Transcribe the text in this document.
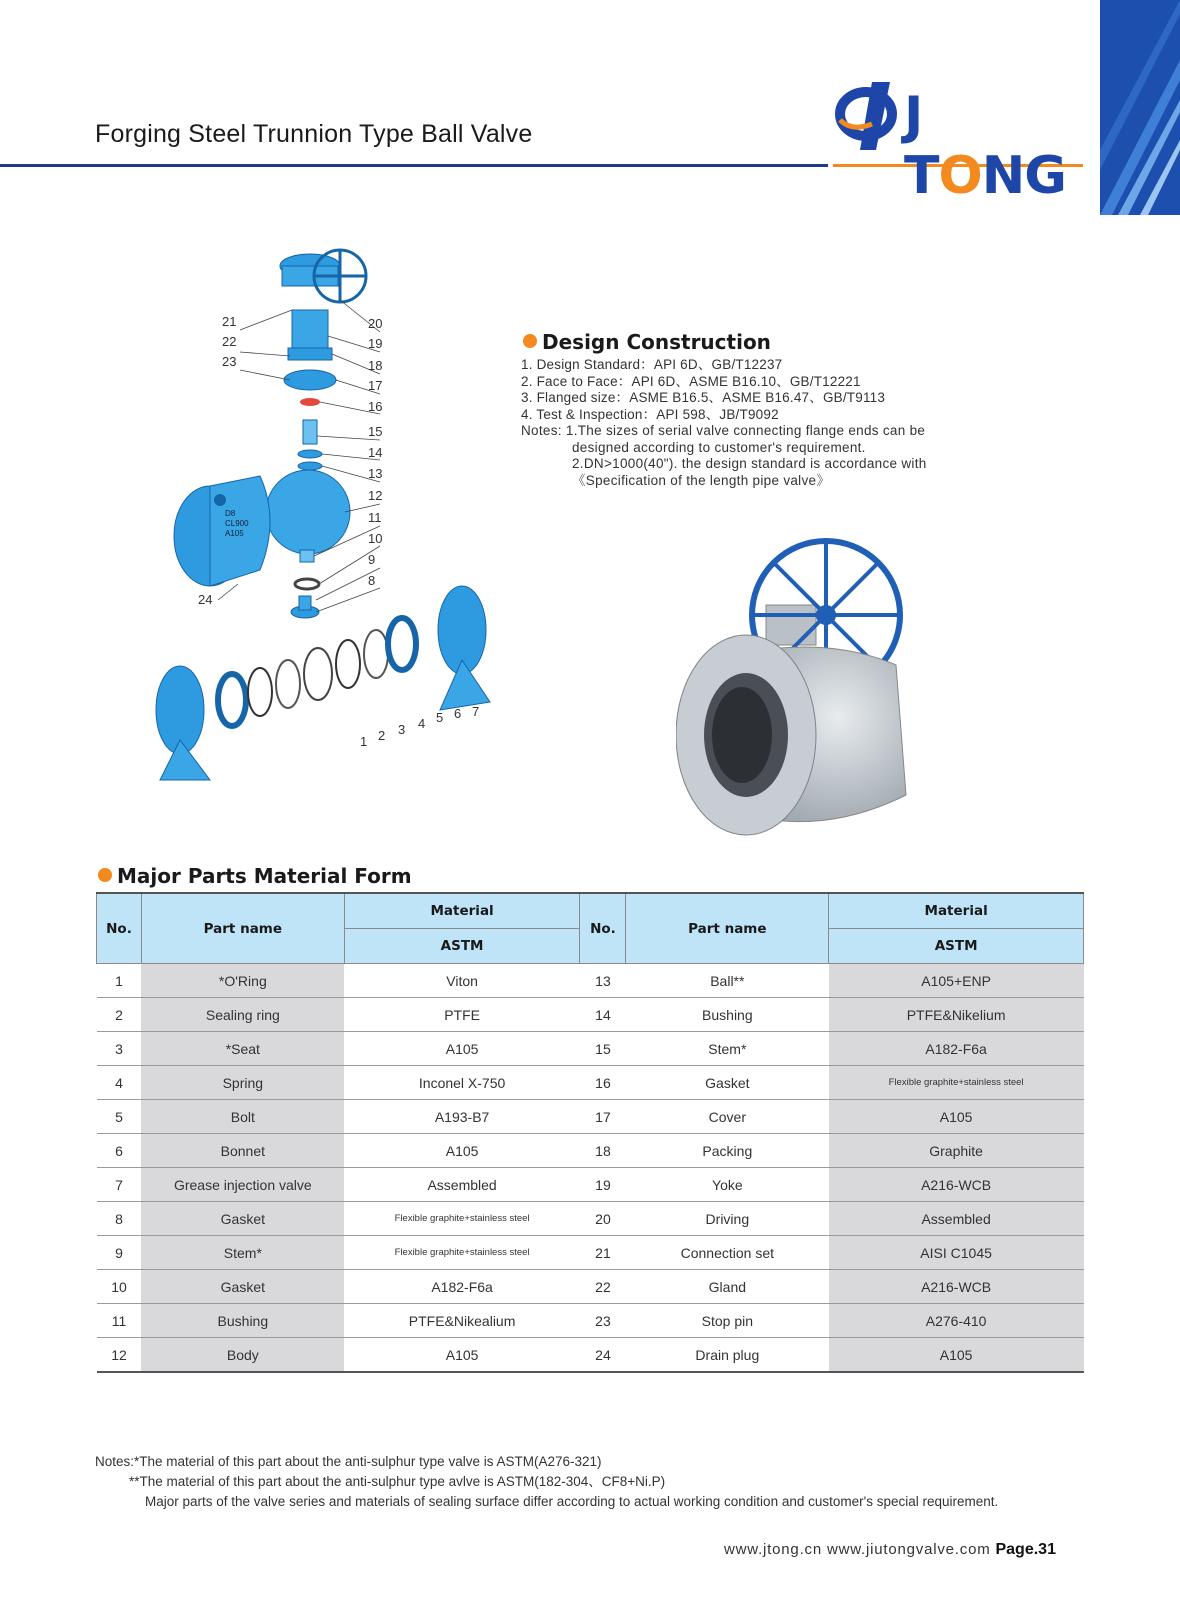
Forging Steel Trunnion Type Ball Valve	J TONG
D8
CL900
A105
21
22
23
24
20
19
18
17
16
15
14
13
12
11
10
9
8
1 2 3 4 5 6 7
Design Construction
1. Design Standard：API 6D、GB/T12237
2. Face to Face：API 6D、ASME B16.10、GB/T12221
3. Flanged size：ASME B16.5、ASME B16.47、GB/T9113
4. Test & Inspection：API 598、JB/T9092
Notes: 1.The sizes of serial valve connecting flange ends can be
designed according to customer's requirement.
2.DN>1000(40"). the design standard is accordance with
《Specification of the length pipe valve》
Major Parts Material Form
No.	Part name	Material	No.	Part name	Material
		ASTM			ASTM
1	*O'Ring	Viton	13	Ball**	A105+ENP
2	Sealing ring	PTFE	14	Bushing	PTFE&Nikelium
3	*Seat	A105	15	Stem*	A182-F6a
4	Spring	Inconel X-750	16	Gasket	Flexible graphite+stainless steel
5	Bolt	A193-B7	17	Cover	A105
6	Bonnet	A105	18	Packing	Graphite
7	Grease injection valve	Assembled	19	Yoke	A216-WCB
8	Gasket	Flexible graphite+stainless steel	20	Driving	Assembled
9	Stem*	Flexible graphite+stainless steel	21	Connection set	AISI C1045
10	Gasket	A182-F6a	22	Gland	A216-WCB
11	Bushing	PTFE&Nikealium	23	Stop pin	A276-410
12	Body	A105	24	Drain plug	A105
Notes:*The material of this part about the anti-sulphur type valve is ASTM(A276-321)
**The material of this part about the anti-sulphur type avlve is ASTM(182-304、CF8+Ni.P)
Major parts of the valve series and materials of sealing surface differ according to actual working condition and customer's special requirement.
www.jtong.cn www.jiutongvalve.com Page.31
